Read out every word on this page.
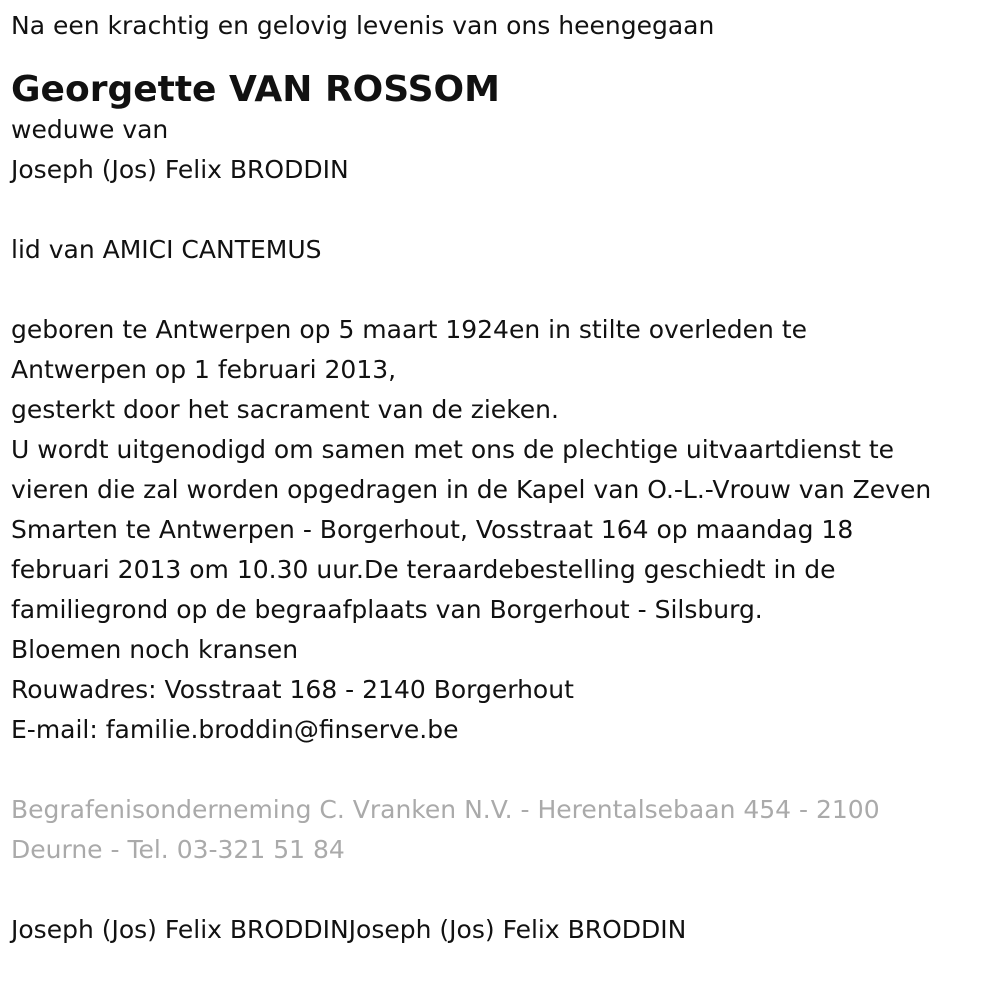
Na een krachtig en gelovig levenis van ons heengegaan

Georgette VAN ROSSOM

weduwe van

Joseph (Jos) Felix BRODDIN

lid van AMICI CANTEMUS

geboren te Antwerpen op 5 maart 1924en in stilte overleden te

Antwerpen op 1 februari 2013,

gesterkt door het sacrament van de zieken.

U wordt uitgenodigd om samen met ons de plechtige uitvaartdienst te

vieren die zal worden opgedragen in de Kapel van O.-L.-Vrouw van Zeven

Smarten te Antwerpen - Borgerhout, Vosstraat 164 op maandag 18

februari 2013 om 10.30 uur.De teraardebestelling geschiedt in de

familiegrond op de begraafplaats van Borgerhout - Silsburg.

Bloemen noch kransen

Rouwadres: Vosstraat 168 - 2140 Borgerhout

E-mail: familie.broddin@finserve.be

Begrafenisonderneming C. Vranken N.V. - Herentalsebaan 454 - 2100

Deurne - Tel. 03-321 51 84

Joseph (Jos) Felix BRODDINJoseph (Jos) Felix BRODDIN
